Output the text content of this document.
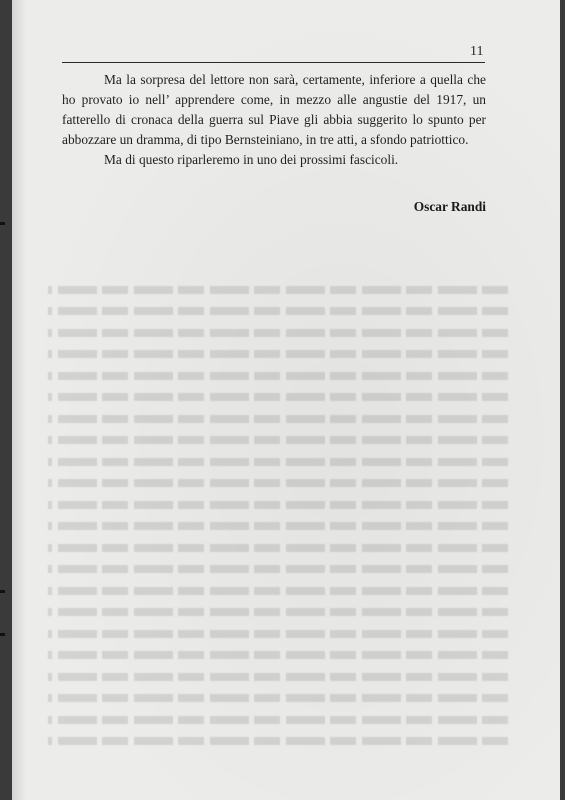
11

Ma la sorpresa del lettore non sarà, certamente, inferiore a quella che ho provato io nell’ apprendere come, in mezzo alle angustie del 1917, un fatterello di cronaca della guerra sul Piave gli abbia suggerito lo spunto per abbozzare un dramma, di tipo Bernsteiniano, in tre atti, a sfondo patriottico.

Ma di questo riparleremo in uno dei prossimi fascicoli.

Oscar Randi
